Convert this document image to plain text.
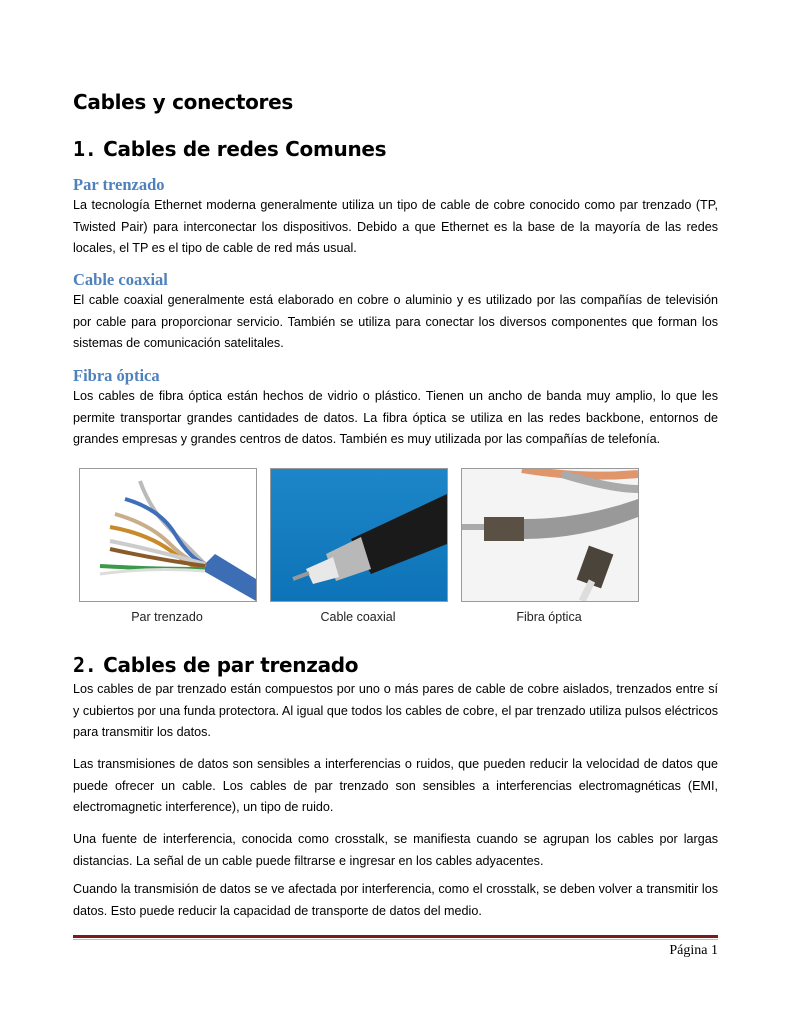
Cables y conectores
1. Cables de redes Comunes
Par trenzado

La tecnología Ethernet moderna generalmente utiliza un tipo de cable de cobre conocido como par trenzado (TP, Twisted Pair) para interconectar los dispositivos. Debido a que Ethernet es la base de la mayoría de las redes locales, el TP es el tipo de cable de red más usual.

Cable coaxial

El cable coaxial generalmente está elaborado en cobre o aluminio y es utilizado por las compañías de televisión por cable para proporcionar servicio. También se utiliza para conectar los diversos componentes que forman los sistemas de comunicación satelitales.

Fibra óptica

Los cables de fibra óptica están hechos de vidrio o plástico. Tienen un ancho de banda muy amplio, lo que les permite transportar grandes cantidades de datos. La fibra óptica se utiliza en las redes backbone, entornos de grandes empresas y grandes centros de datos. También es muy utilizada por las compañías de telefonía.

Par trenzado	Cable coaxial	Fibra óptica
2. Cables de par trenzado

Los cables de par trenzado están compuestos por uno o más pares de cable de cobre aislados, trenzados entre sí y cubiertos por una funda protectora. Al igual que todos los cables de cobre, el par trenzado utiliza pulsos eléctricos para transmitir los datos.

Las transmisiones de datos son sensibles a interferencias o ruidos, que pueden reducir la velocidad de datos que puede ofrecer un cable. Los cables de par trenzado son sensibles a interferencias electromagnéticas (EMI, electromagnetic interference), un tipo de ruido.

Una fuente de interferencia, conocida como crosstalk, se manifiesta cuando se agrupan los cables por largas distancias. La señal de un cable puede filtrarse e ingresar en los cables adyacentes.

Cuando la transmisión de datos se ve afectada por interferencia, como el crosstalk, se deben volver a transmitir los datos. Esto puede reducir la capacidad de transporte de datos del medio.

Página 1
